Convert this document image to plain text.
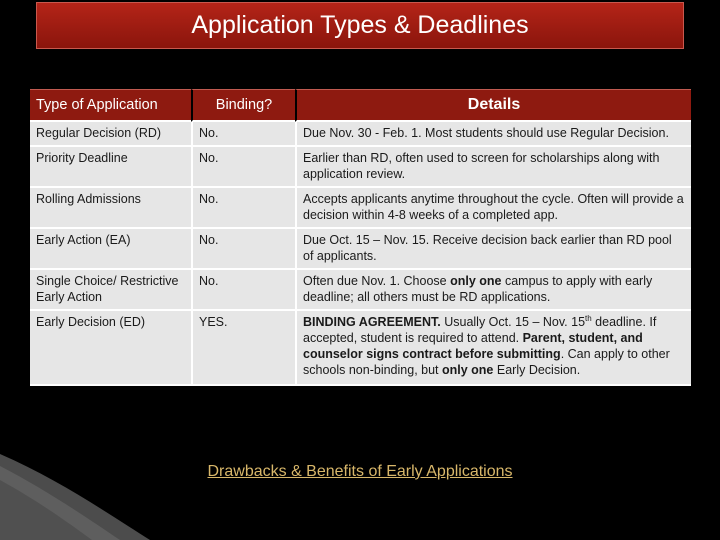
Application Types & Deadlines
Type of Application	Binding?	Details
Regular Decision (RD)	No.	Due Nov. 30 - Feb. 1. Most students should use Regular Decision.
Priority Deadline	No.	Earlier than RD, often used to screen for scholarships along with application review.
Rolling Admissions	No.	Accepts applicants anytime throughout the cycle. Often will provide a decision within 4-8 weeks of a completed app.
Early Action (EA)	No.	Due Oct. 15 – Nov. 15. Receive decision back earlier than RD pool of applicants.
Single Choice/ Restrictive Early Action	No.	Often due Nov. 1. Choose only one campus to apply with early deadline; all others must be RD applications.
Early Decision (ED)	YES.	BINDING AGREEMENT. Usually Oct. 15 – Nov. 15th deadline. If accepted, student is required to attend. Parent, student, and counselor signs contract before submitting. Can apply to other schools non-binding, but only one Early Decision.
Drawbacks & Benefits of Early Applications
